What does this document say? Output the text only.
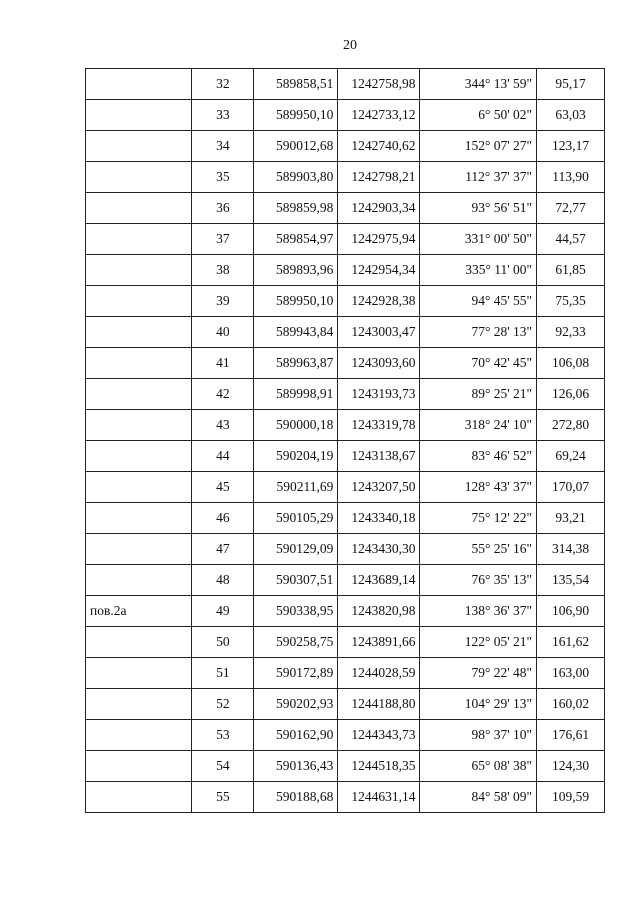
20
	32	589858,51	1242758,98	344° 13' 59"	95,17
	33	589950,10	1242733,12	6° 50' 02"	63,03
	34	590012,68	1242740,62	152° 07' 27"	123,17
	35	589903,80	1242798,21	112° 37' 37"	113,90
	36	589859,98	1242903,34	93° 56' 51"	72,77
	37	589854,97	1242975,94	331° 00' 50"	44,57
	38	589893,96	1242954,34	335° 11' 00"	61,85
	39	589950,10	1242928,38	94° 45' 55"	75,35
	40	589943,84	1243003,47	77° 28' 13"	92,33
	41	589963,87	1243093,60	70° 42' 45"	106,08
	42	589998,91	1243193,73	89° 25' 21"	126,06
	43	590000,18	1243319,78	318° 24' 10"	272,80
	44	590204,19	1243138,67	83° 46' 52"	69,24
	45	590211,69	1243207,50	128° 43' 37"	170,07
	46	590105,29	1243340,18	75° 12' 22"	93,21
	47	590129,09	1243430,30	55° 25' 16"	314,38
	48	590307,51	1243689,14	76° 35' 13"	135,54
пов.2а	49	590338,95	1243820,98	138° 36' 37"	106,90
	50	590258,75	1243891,66	122° 05' 21"	161,62
	51	590172,89	1244028,59	79° 22' 48"	163,00
	52	590202,93	1244188,80	104° 29' 13"	160,02
	53	590162,90	1244343,73	98° 37' 10"	176,61
	54	590136,43	1244518,35	65° 08' 38"	124,30
	55	590188,68	1244631,14	84° 58' 09"	109,59
